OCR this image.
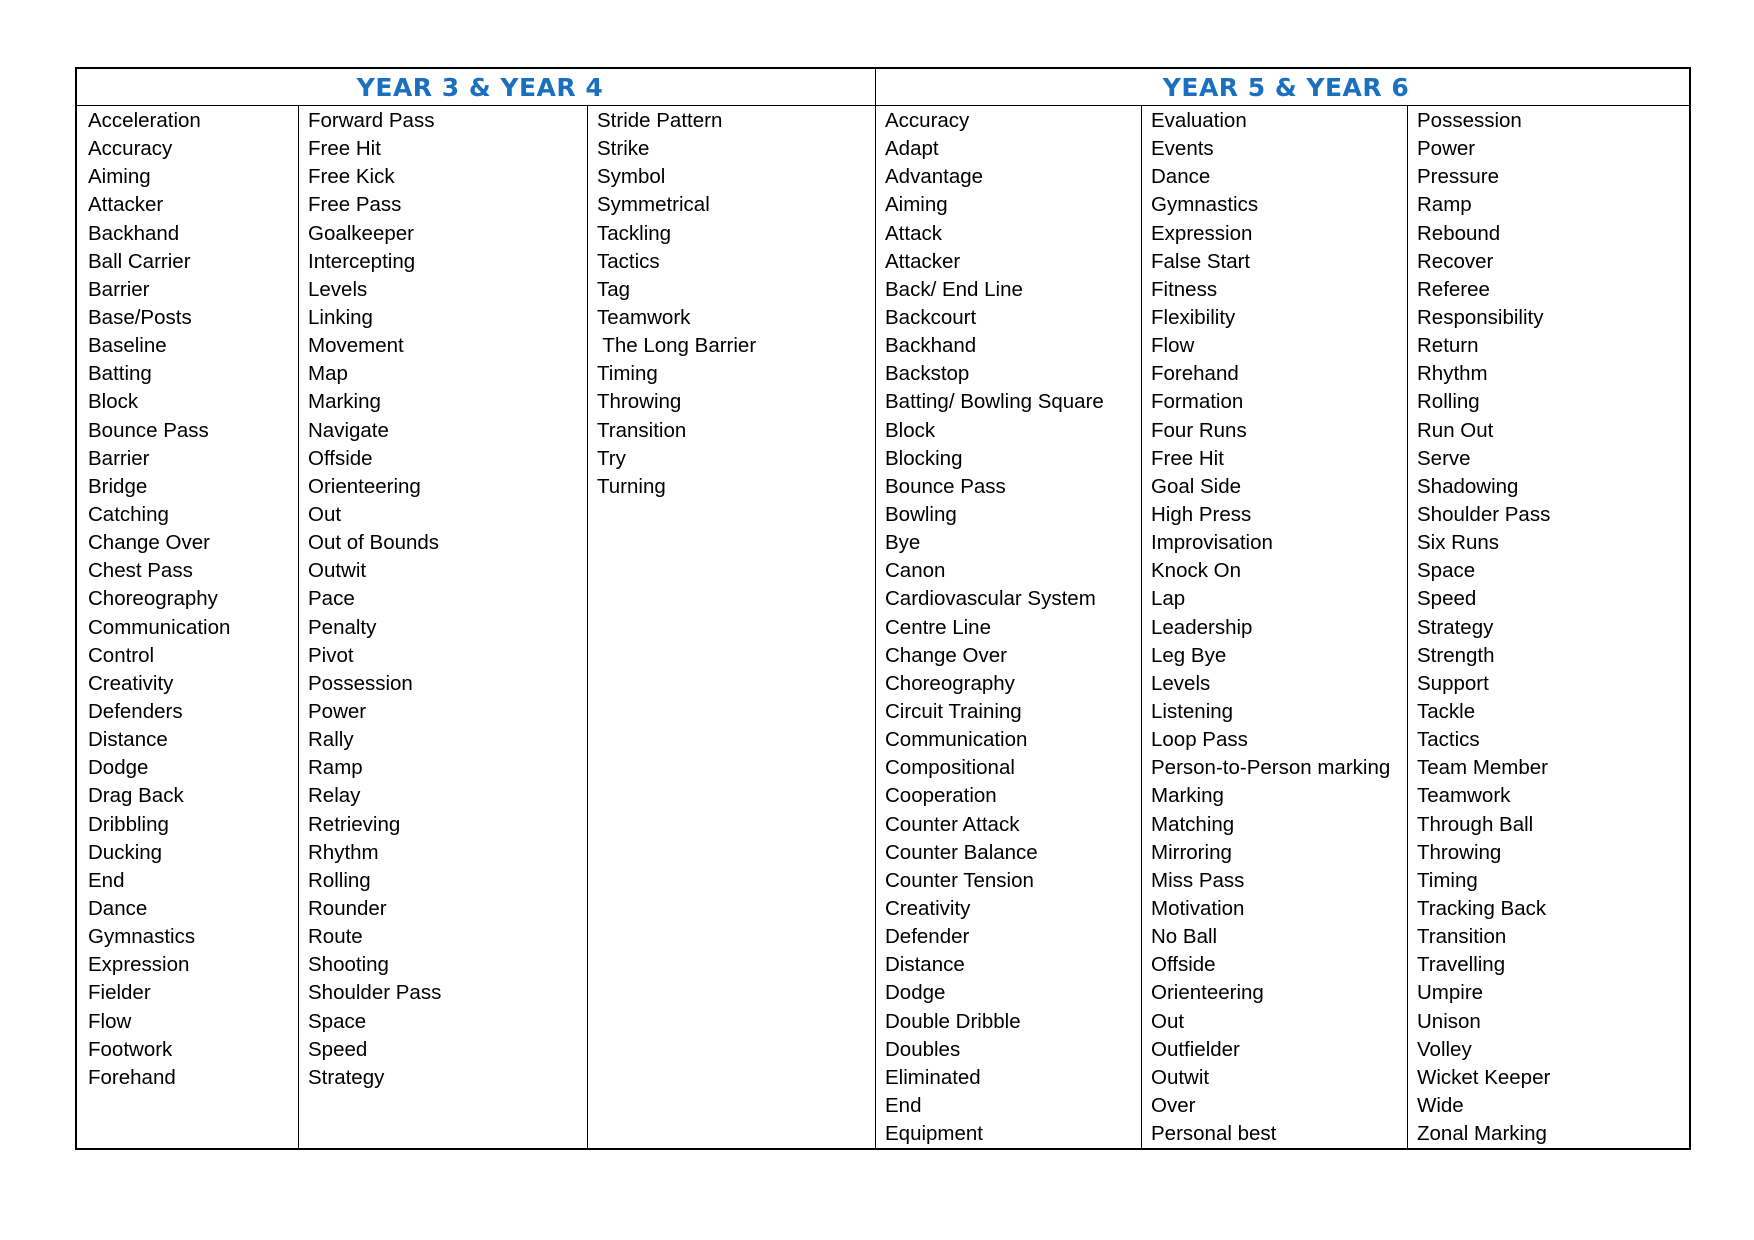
YEAR 3 & YEAR 4	YEAR 5 & YEAR 6
Acceleration
Accuracy
Aiming
Attacker
Backhand
Ball Carrier
Barrier
Base/Posts
Baseline
Batting
Block
Bounce Pass
Barrier
Bridge
Catching
Change Over
Chest Pass
Choreography
Communication
Control
Creativity
Defenders
Distance
Dodge
Drag Back
Dribbling
Ducking
End
Dance
Gymnastics
Expression
Fielder
Flow
Footwork
Forehand
Forward Pass
Free Hit
Free Kick
Free Pass
Goalkeeper
Intercepting
Levels
Linking
Movement
Map
Marking
Navigate
Offside
Orienteering
Out
Out of Bounds
Outwit
Pace
Penalty
Pivot
Possession
Power
Rally
Ramp
Relay
Retrieving
Rhythm
Rolling
Rounder
Route
Shooting
Shoulder Pass
Space
Speed
Strategy
Stride Pattern
Strike
Symbol
Symmetrical
Tackling
Tactics
Tag
Teamwork
The Long Barrier
Timing
Throwing
Transition
Try
Turning
Accuracy
Adapt
Advantage
Aiming
Attack
Attacker
Back/ End Line
Backcourt
Backhand
Backstop
Batting/ Bowling Square
Block
Blocking
Bounce Pass
Bowling
Bye
Canon
Cardiovascular System
Centre Line
Change Over
Choreography
Circuit Training
Communication
Compositional
Cooperation
Counter Attack
Counter Balance
Counter Tension
Creativity
Defender
Distance
Dodge
Double Dribble
Doubles
Eliminated
End
Equipment
Evaluation
Events
Dance
Gymnastics
Expression
False Start
Fitness
Flexibility
Flow
Forehand
Formation
Four Runs
Free Hit
Goal Side
High Press
Improvisation
Knock On
Lap
Leadership
Leg Bye
Levels
Listening
Loop Pass
Person-to-Person marking
Marking
Matching
Mirroring
Miss Pass
Motivation
No Ball
Offside
Orienteering
Out
Outfielder
Outwit
Over
Personal best
Possession
Power
Pressure
Ramp
Rebound
Recover
Referee
Responsibility
Return
Rhythm
Rolling
Run Out
Serve
Shadowing
Shoulder Pass
Six Runs
Space
Speed
Strategy
Strength
Support
Tackle
Tactics
Team Member
Teamwork
Through Ball
Throwing
Timing
Tracking Back
Transition
Travelling
Umpire
Unison
Volley
Wicket Keeper
Wide
Zonal Marking
